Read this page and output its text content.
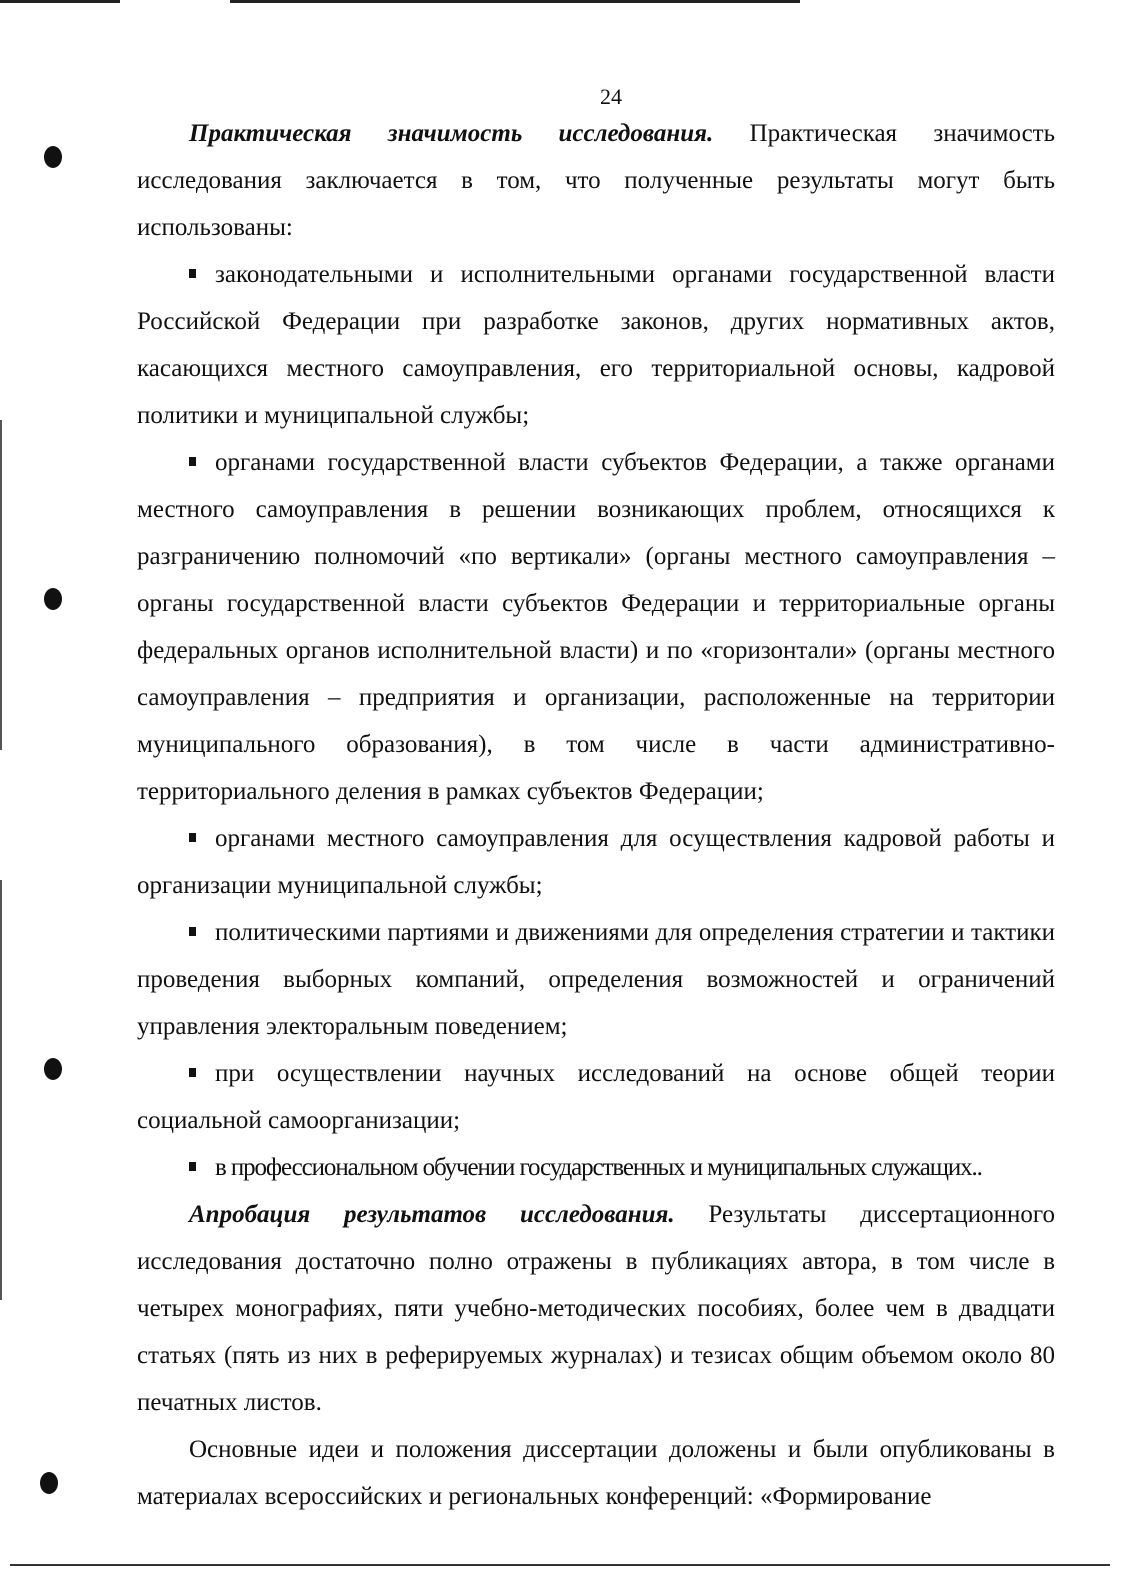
24

Практическая значимость исследования. Практическая значимость исследования заключается в том, что полученные результаты могут быть использованы:

законодательными и исполнительными органами государственной власти Российской Федерации при разработке законов, других нормативных актов, касающихся местного самоуправления, его территориальной основы, кадровой политики и муниципальной службы;

органами государственной власти субъектов Федерации, а также органами местного самоуправления в решении возникающих проблем, относящихся к разграничению полномочий «по вертикали» (органы местного самоуправления – органы государственной власти субъектов Федерации и территориальные органы федеральных органов исполнительной власти) и по «горизонтали» (органы местного самоуправления – предприятия и организации, расположенные на территории муниципального образования), в том числе в части административно-территориального деления в рамках субъектов Федерации;

органами местного самоуправления для осуществления кадровой работы и организации муниципальной службы;

политическими партиями и движениями для определения стратегии и тактики проведения выборных компаний, определения возможностей и ограничений управления электоральным поведением;

при осуществлении научных исследований на основе общей теории социальной самоорганизации;

в профессиональном обучении государственных и муниципальных служащих..

Апробация результатов исследования. Результаты диссертационного исследования достаточно полно отражены в публикациях автора, в том числе в четырех монографиях, пяти учебно-методических пособиях, более чем в двадцати статьях (пять из них в реферируемых журналах) и тезисах общим объемом около 80 печатных листов.

Основные идеи и положения диссертации доложены и были опубликованы в материалах всероссийских и региональных конференций: «Формирование
